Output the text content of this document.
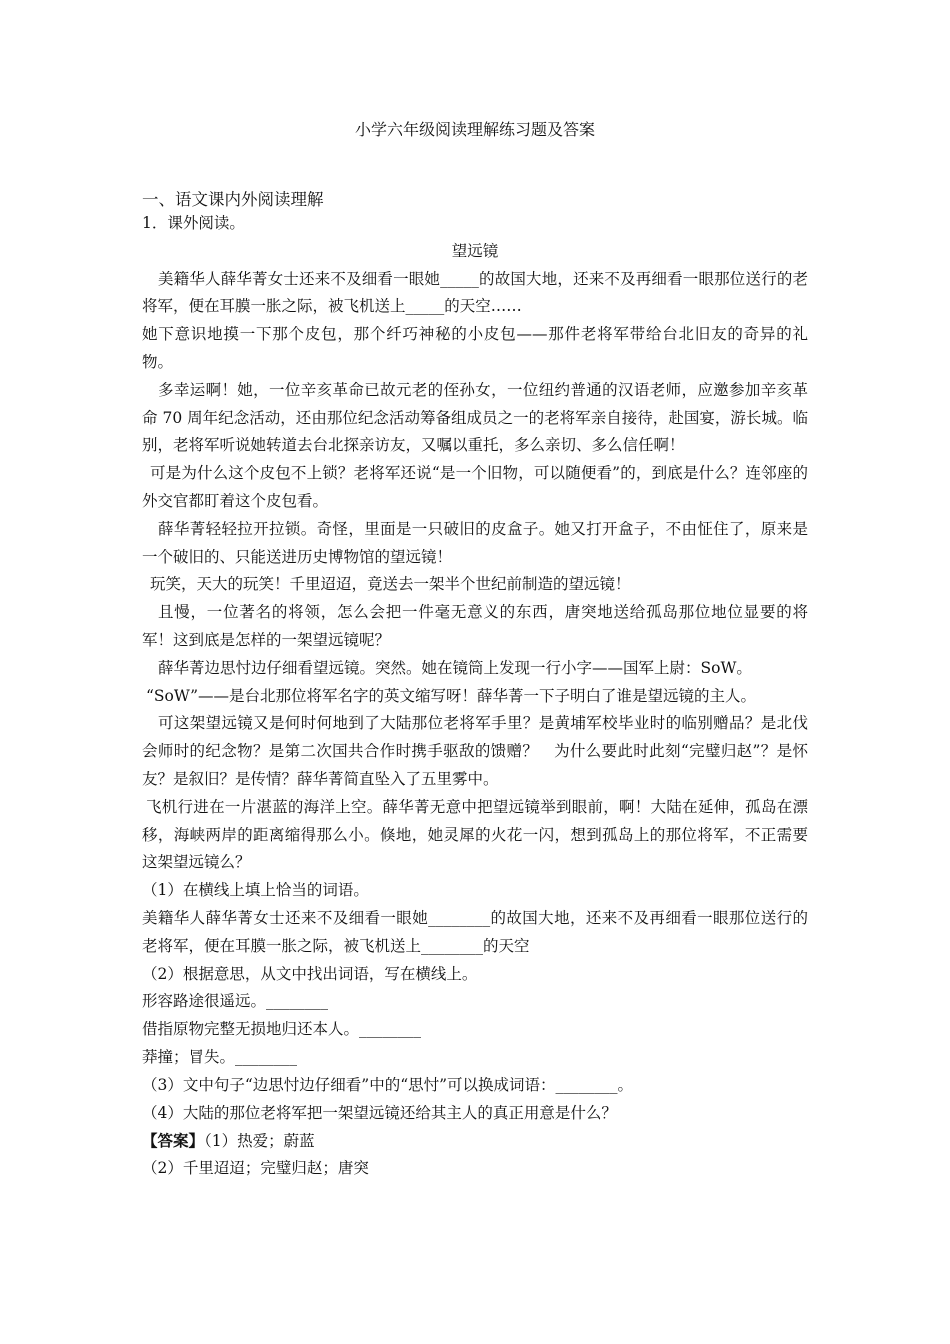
小学六年级阅读理解练习题及答案
一、语文课内外阅读理解
1．课外阅读。
望远镜

美籍华人薛华菁女士还来不及细看一眼她_____的故国大地，还来不及再细看一眼那位送行的老将军，便在耳膜一胀之际，被飞机送上_____的天空……

她下意识地摸一下那个皮包，那个纤巧神秘的小皮包——那件老将军带给台北旧友的奇异的礼物。

多幸运啊！她，一位辛亥革命已故元老的侄孙女，一位纽约普通的汉语老师，应邀参加辛亥革命 70 周年纪念活动，还由那位纪念活动筹备组成员之一的老将军亲自接待，赴国宴，游长城。临别，老将军听说她转道去台北探亲访友，又嘱以重托，多么亲切、多么信任啊！

可是为什么这个皮包不上锁？老将军还说“是一个旧物，可以随便看”的，到底是什么？连邻座的外交官都盯着这个皮包看。

薛华菁轻轻拉开拉锁。奇怪，里面是一只破旧的皮盒子。她又打开盒子，不由怔住了，原来是一个破旧的、只能送进历史博物馆的望远镜！

玩笑，天大的玩笑！千里迢迢，竟送去一架半个世纪前制造的望远镜！

且慢，一位著名的将领，怎么会把一件毫无意义的东西，唐突地送给孤岛那位地位显要的将军！这到底是怎样的一架望远镜呢？

薛华菁边思忖边仔细看望远镜。突然。她在镜筒上发现一行小字——国军上尉：SoW。

“SoW”——是台北那位将军名字的英文缩写呀！薛华菁一下子明白了谁是望远镜的主人。

可这架望远镜又是何时何地到了大陆那位老将军手里？是黄埔军校毕业时的临别赠品？是北伐会师时的纪念物？是第二次国共合作时携手驱敌的馈赠？　为什么要此时此刻“完璧归赵”？是怀友？是叙旧？是传情？薛华菁简直坠入了五里雾中。

飞机行进在一片湛蓝的海洋上空。薛华菁无意中把望远镜举到眼前，啊！大陆在延伸，孤岛在漂移，海峡两岸的距离缩得那么小。倏地，她灵犀的火花一闪，想到孤岛上的那位将军，不正需要这架望远镜么？

（1）在横线上填上恰当的词语。

美籍华人薛华菁女士还来不及细看一眼她________的故国大地，还来不及再细看一眼那位送行的老将军，便在耳膜一胀之际，被飞机送上________的天空

（2）根据意思，从文中找出词语，写在横线上。
形容路途很遥远。________
借指原物完整无损地归还本人。________
莽撞；冒失。________
（3）文中句子“边思忖边仔细看”中的“思忖”可以换成词语：________。
（4）大陆的那位老将军把一架望远镜还给其主人的真正用意是什么？
【答案】（1）热爱；蔚蓝
（2）千里迢迢；完璧归赵；唐突
